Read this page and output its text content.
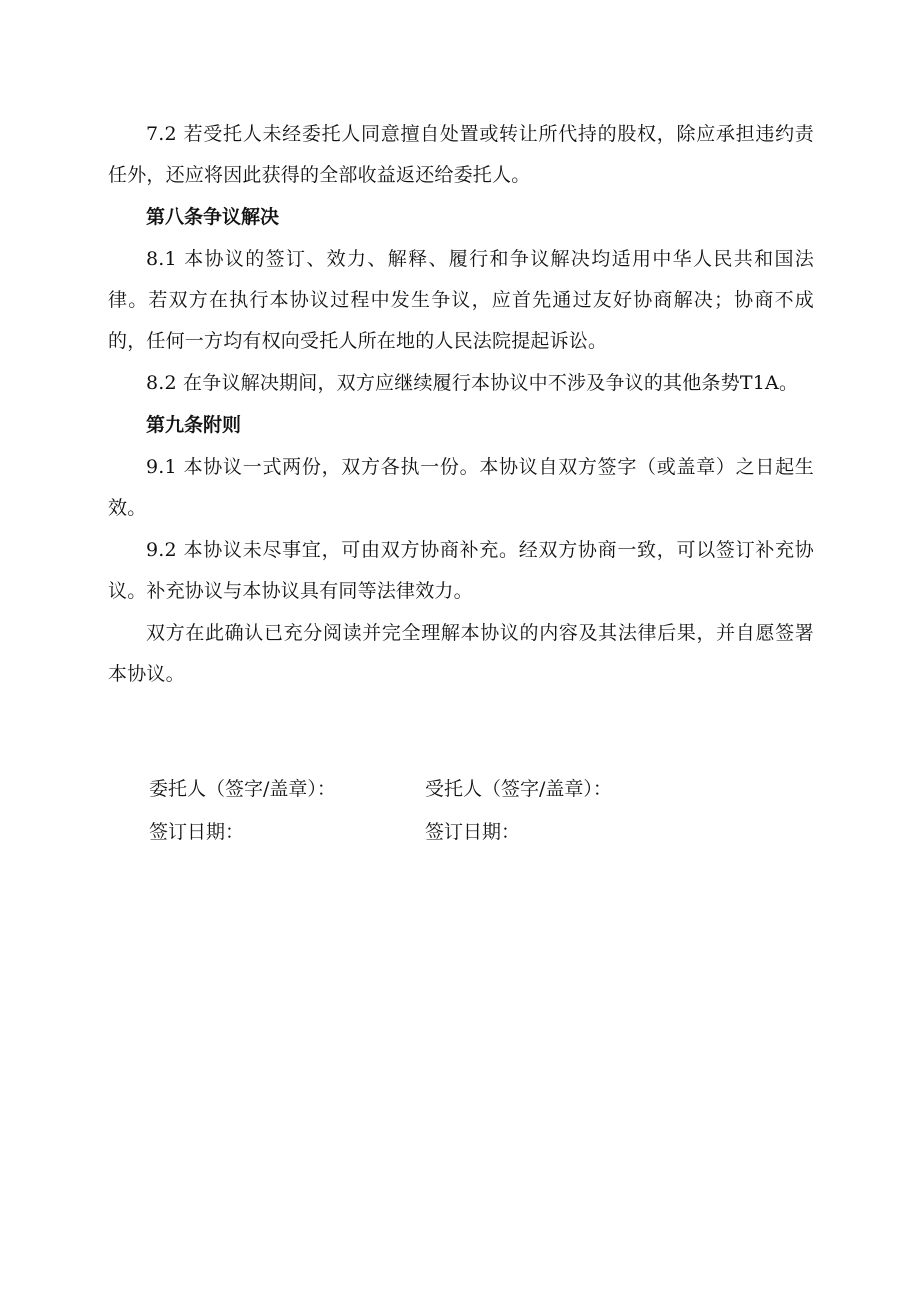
7.2 若受托人未经委托人同意擅自处置或转让所代持的股权，除应承担违约责任外，还应将因此获得的全部收益返还给委托人。

第八条争议解决

8.1 本协议的签订、效力、解释、履行和争议解决均适用中华人民共和国法律。若双方在执行本协议过程中发生争议，应首先通过友好协商解决；协商不成的，任何一方均有权向受托人所在地的人民法院提起诉讼。

8.2 在争议解决期间，双方应继续履行本协议中不涉及争议的其他条势T1A。

第九条附则

9.1 本协议一式两份，双方各执一份。本协议自双方签字（或盖章）之日起生效。

9.2 本协议未尽事宜，可由双方协商补充。经双方协商一致，可以签订补充协议。补充协议与本协议具有同等法律效力。

双方在此确认已充分阅读并完全理解本协议的内容及其法律后果，并自愿签署本协议。

委托人（签字/盖章）：	受托人（签字/盖章）：
签订日期：	签订日期：
